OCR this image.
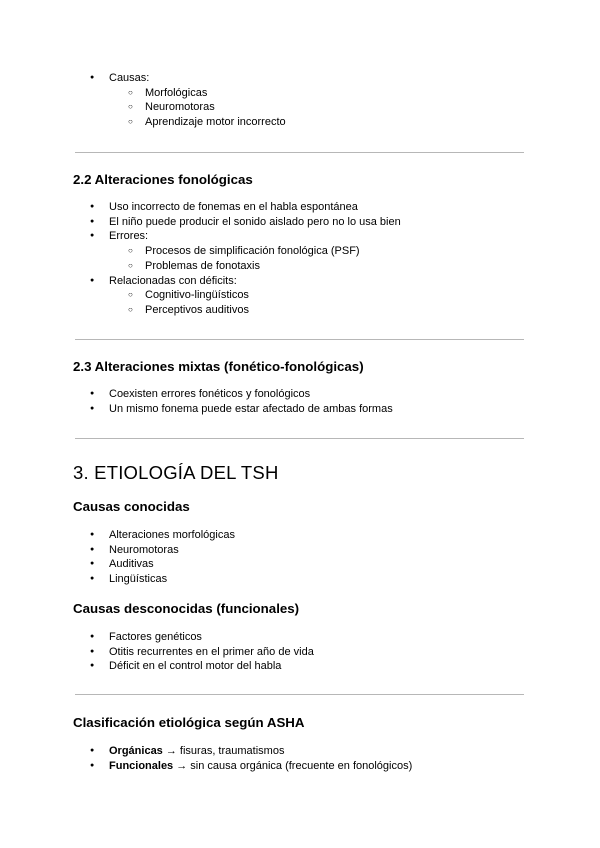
● Causas:
○ Morfológicas
○ Neuromotoras
○ Aprendizaje motor incorrecto
2.2 Alteraciones fonológicas
● Uso incorrecto de fonemas en el habla espontánea
● El niño puede producir el sonido aislado pero no lo usa bien
● Errores:
○ Procesos de simplificación fonológica (PSF)
○ Problemas de fonotaxis
● Relacionadas con déficits:
○ Cognitivo-lingüísticos
○ Perceptivos auditivos
2.3 Alteraciones mixtas (fonético-fonológicas)
● Coexisten errores fonéticos y fonológicos
● Un mismo fonema puede estar afectado de ambas formas
3. ETIOLOGÍA DEL TSH
Causas conocidas
● Alteraciones morfológicas
● Neuromotoras
● Auditivas
● Lingüísticas
Causas desconocidas (funcionales)
● Factores genéticos
● Otitis recurrentes en el primer año de vida
● Déficit en el control motor del habla
Clasificación etiológica según ASHA
● Orgánicas → fisuras, traumatismos
● Funcionales → sin causa orgánica (frecuente en fonológicos)
